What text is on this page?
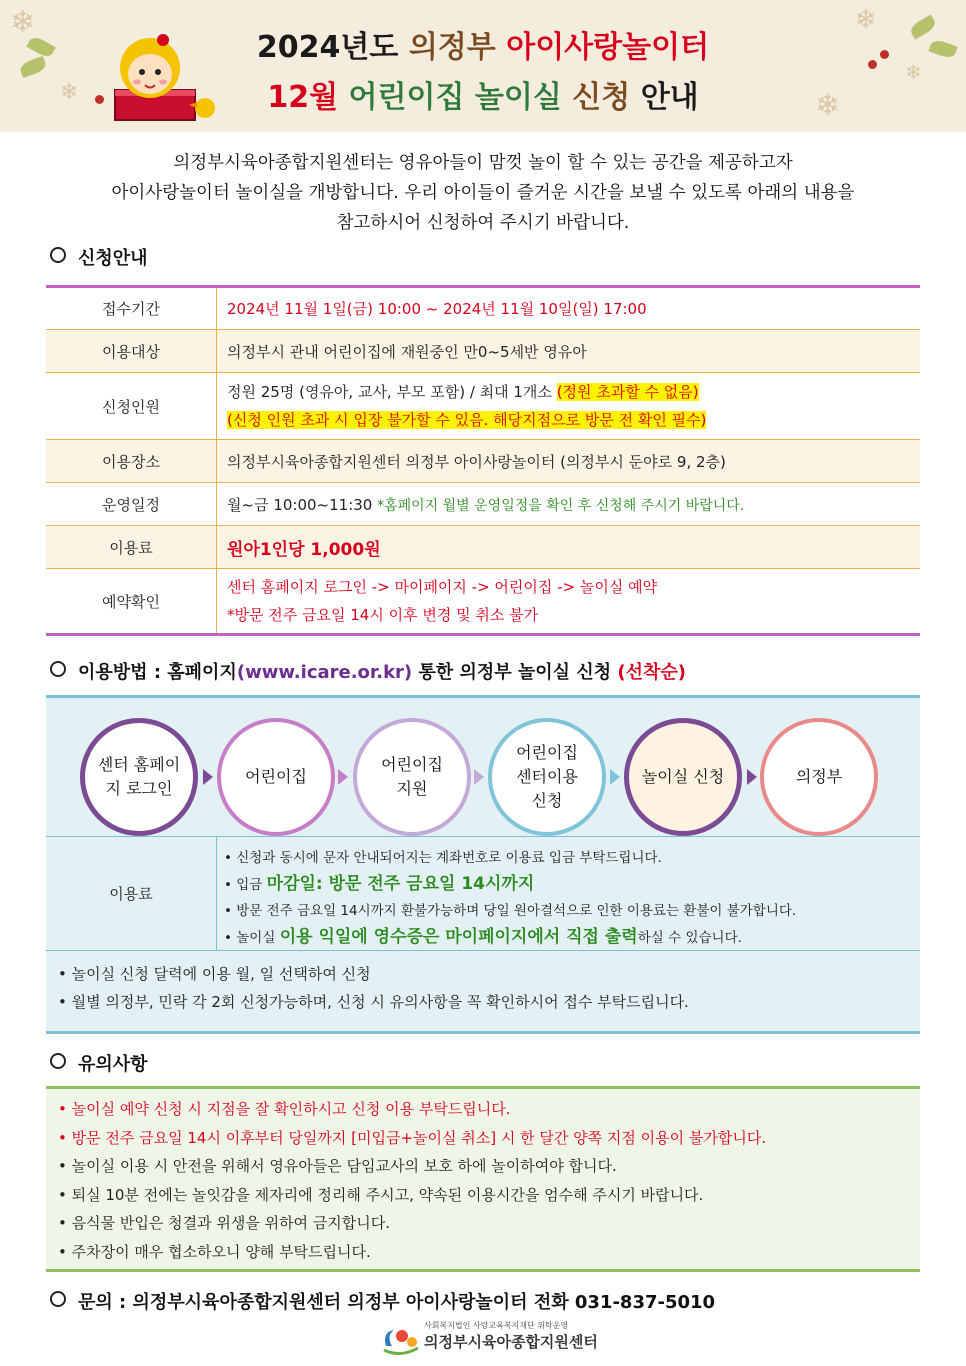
❄
❄
❄
❄
❄
2024년도 의정부 아이사랑놀이터
12월 어린이집 놀이실 신청 안내
의정부시육아종합지원센터는 영유아들이 맘껏 놀이 할 수 있는 공간을 제공하고자
아이사랑놀이터 놀이실을 개방합니다. 우리 아이들이 즐거운 시간을 보낼 수 있도록 아래의 내용을
참고하시어 신청하여 주시기 바랍니다.
신청안내
접수기간	2024년 11월 1일(금) 10:00 ~ 2024년 11월 10일(일) 17:00
이용대상	의정부시 관내 어린이집에 재원중인 만0~5세반 영유아
신청인원	정원 25명 (영유아, 교사, 부모 포함) / 최대 1개소 (정원 초과할 수 없음)
(신청 인원 초과 시 입장 불가할 수 있음. 해당지점으로 방문 전 확인 필수)
이용장소	의정부시육아종합지원센터 의정부 아이사랑놀이터 (의정부시 둔야로 9, 2층)
운영일정	월~금 10:00~11:30 *홈페이지 월별 운영일정을 확인 후 신청해 주시기 바랍니다.
이용료	원아1인당 1,000원
예약확인	센터 홈페이지 로그인 -> 마이페이지 -> 어린이집 -> 놀이실 예약
*방문 전주 금요일 14시 이후 변경 및 취소 불가
이용방법 : 홈페이지(www.icare.or.kr) 통한 의정부 놀이실 신청 (선착순)
센터 홈페이지 로그인
어린이집
어린이집 지원
어린이집 센터이용 신청
놀이실 신청	의정부
이용료
• 신청과 동시에 문자 안내되어지는 계좌번호로 이용료 입금 부탁드립니다.
• 입금 마감일: 방문 전주 금요일 14시까지
• 방문 전주 금요일 14시까지 환불가능하며 당일 원아결석으로 인한 이용료는 환불이 불가합니다.
• 놀이실 이용 익일에 영수증은 마이페이지에서 직접 출력하실 수 있습니다.
• 놀이실 신청 달력에 이용 월, 일 선택하여 신청
• 월별 의정부, 민락 각 2회 신청가능하며, 신청 시 유의사항을 꼭 확인하시어 접수 부탁드립니다.
유의사항
• 놀이실 예약 신청 시 지점을 잘 확인하시고 신청 이용 부탁드립니다.
• 방문 전주 금요일 14시 이후부터 당일까지 [미입금+놀이실 취소] 시 한 달간 양쪽 지점 이용이 불가합니다.
• 놀이실 이용 시 안전을 위해서 영유아들은 담임교사의 보호 하에 놀이하여야 합니다.
• 퇴실 10분 전에는 놀잇감을 제자리에 정리해 주시고, 약속된 이용시간을 엄수해 주시기 바랍니다.
• 음식물 반입은 청결과 위생을 위하여 금지합니다.
• 주차장이 매우 협소하오니 양해 부탁드립니다.
문의 : 의정부시육아종합지원센터 의정부 아이사랑놀이터 전화 031-837-5010
사회복지법인 사랑교육복지재단 위탁운영
의정부시육아종합지원센터
